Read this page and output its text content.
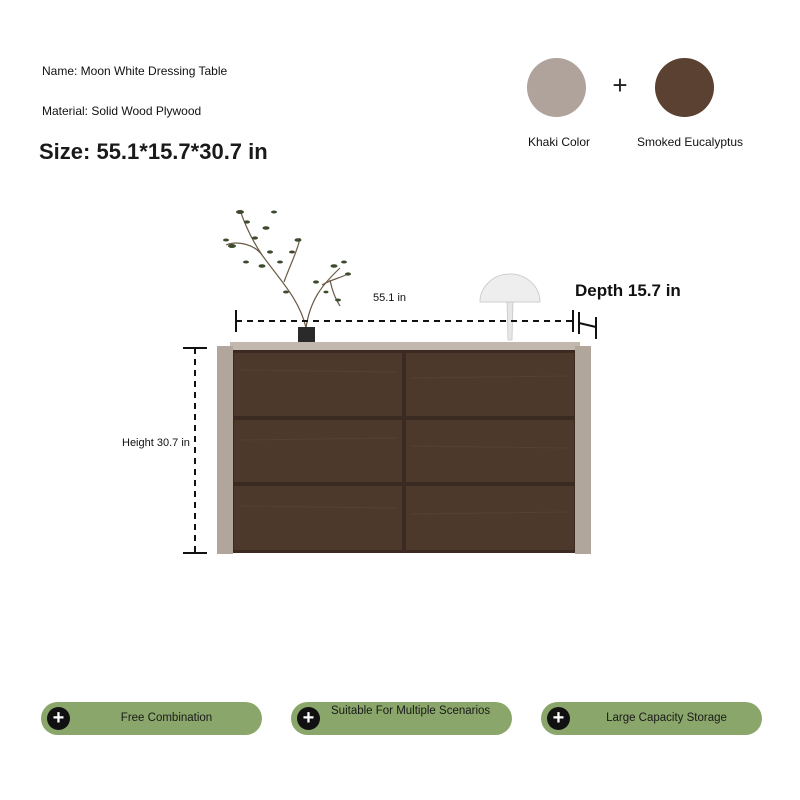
Name: Moon White Dressing Table
Material: Solid Wood Plywood
Size: 55.1*15.7*30.7 in
+
Khaki Color	Smoked Eucalyptus
55.1 in	Depth 15.7 in
Height 30.7 in
+	Free Combination	+	Suitable For Multiple Scenarios	+	Large Capacity Storage
